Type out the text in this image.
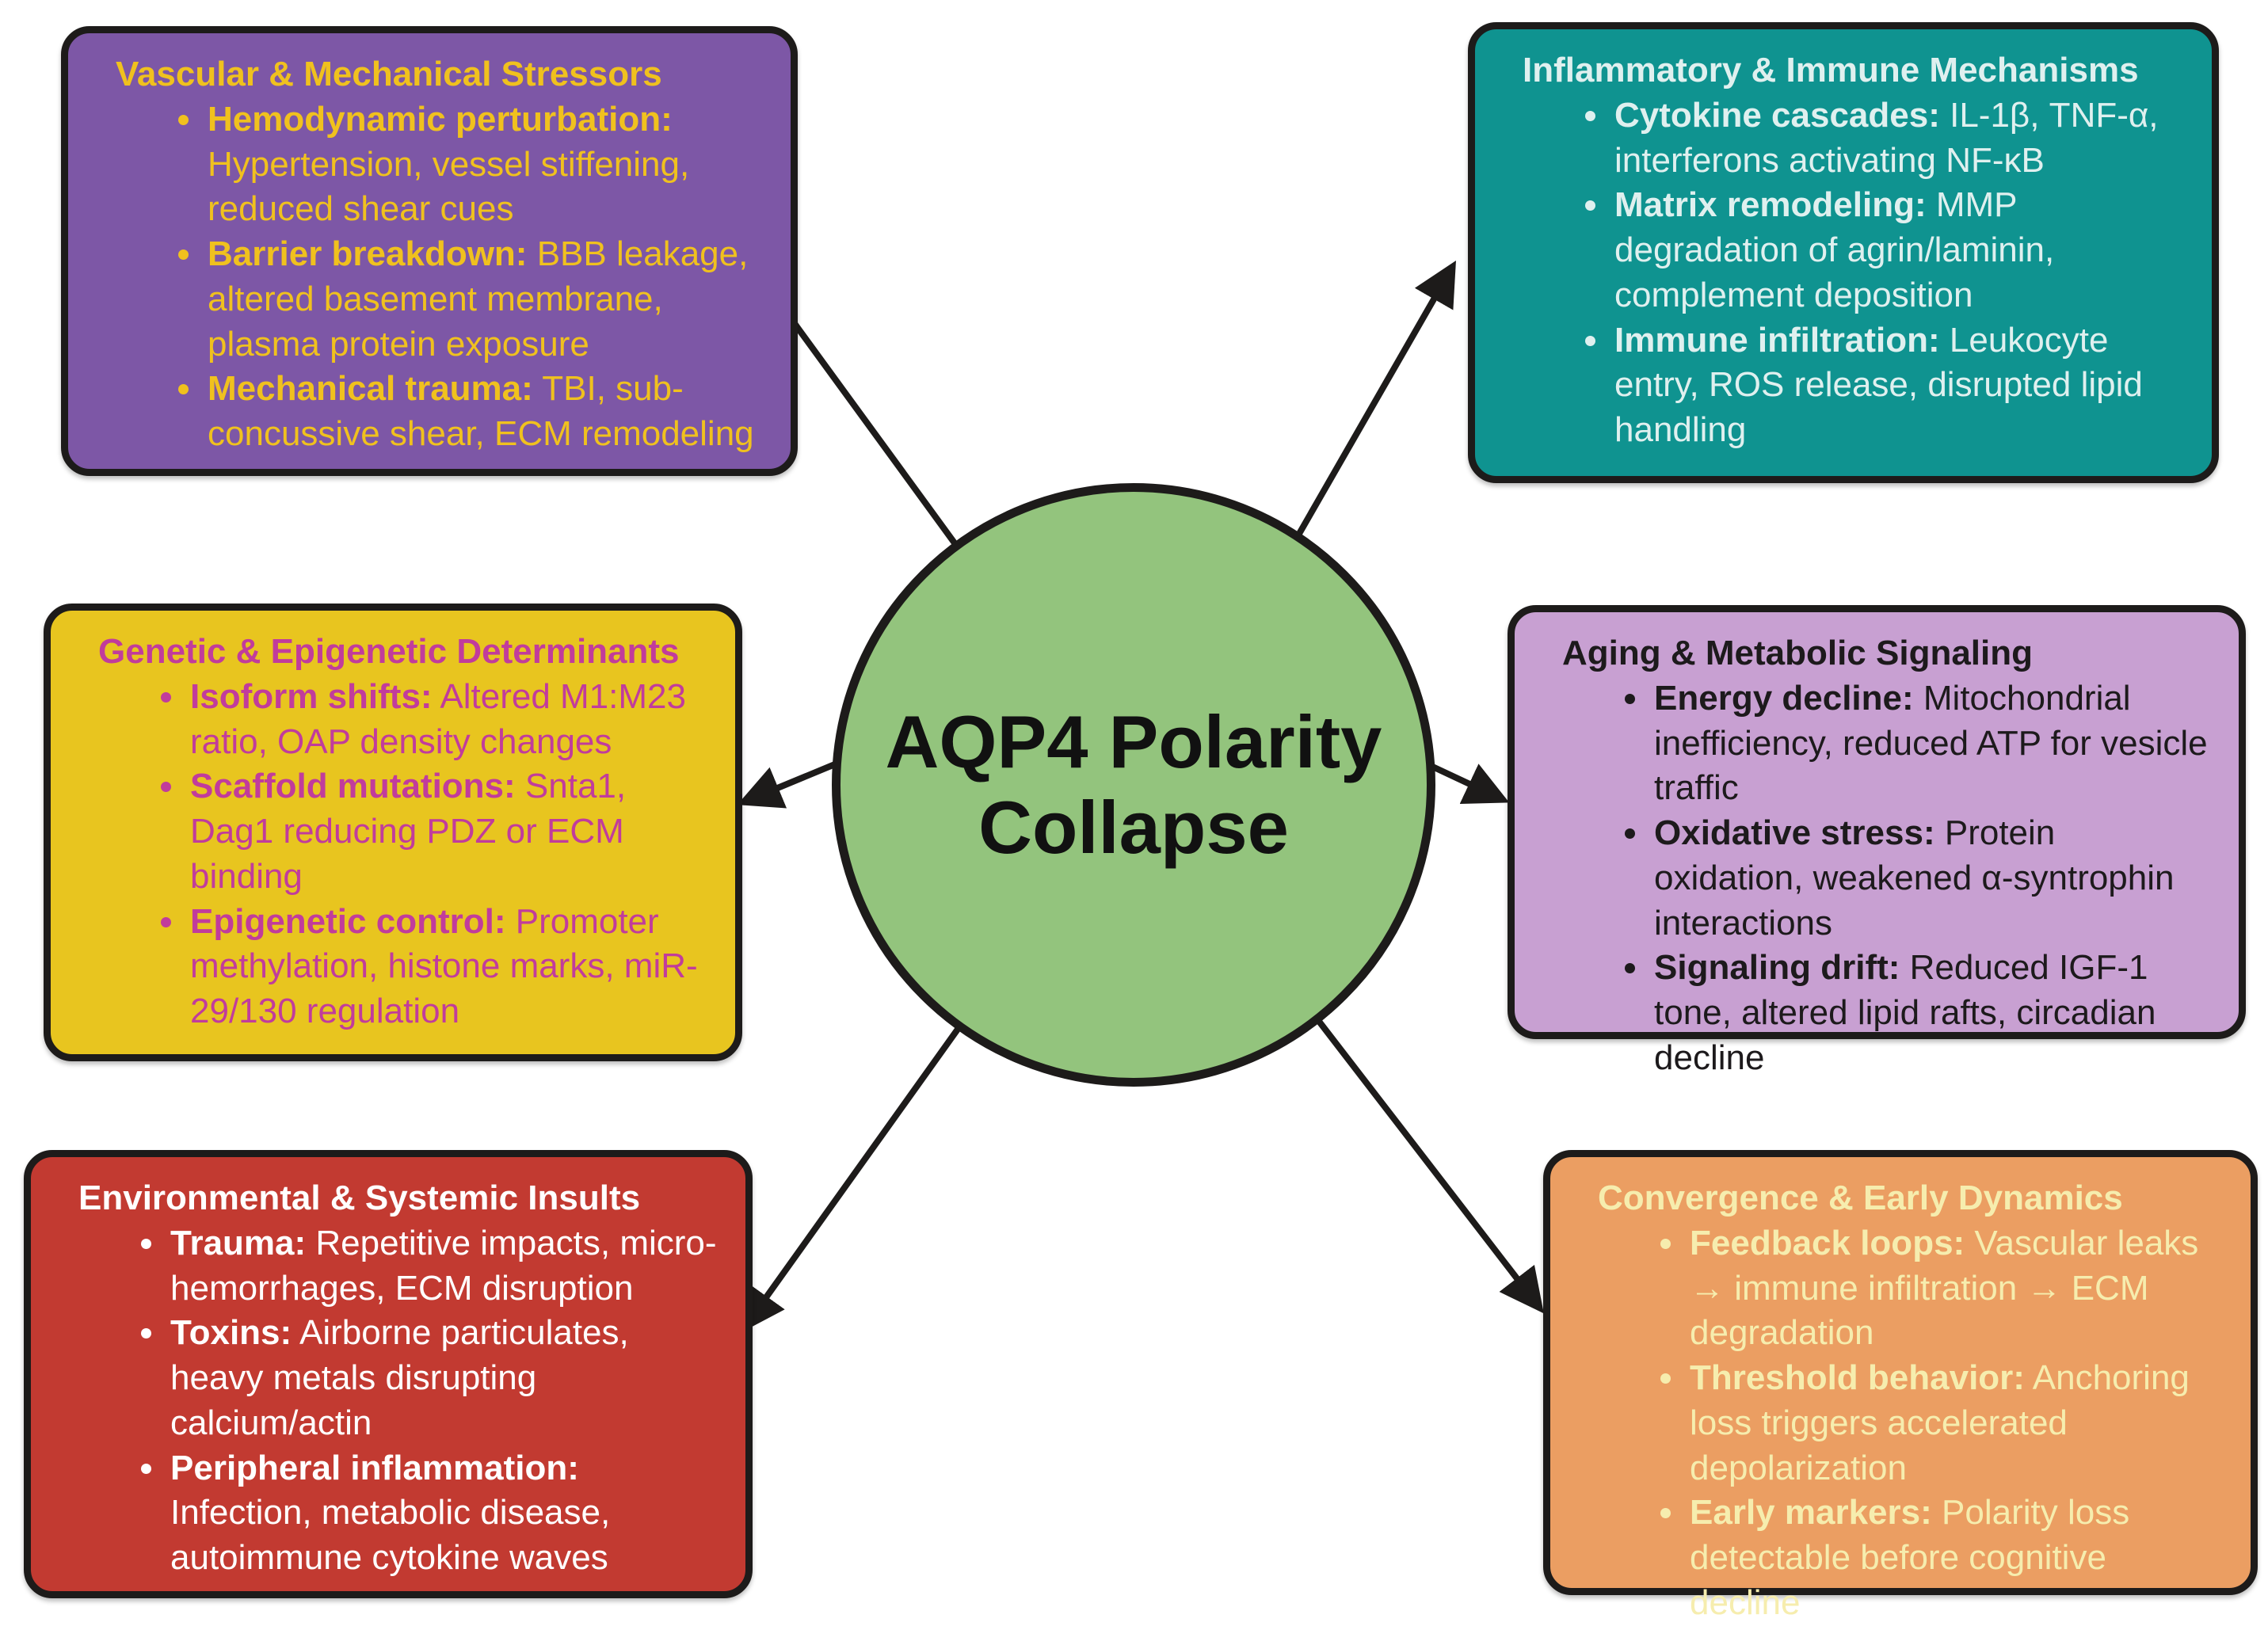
Vascular & Mechanical Stressors
• Hemodynamic perturbation: Hypertension, vessel stiffening, reduced shear cues
• Barrier breakdown: BBB leakage, altered basement membrane, plasma protein exposure
• Mechanical trauma: TBI, sub-concussive shear, ECM remodeling
Inflammatory & Immune Mechanisms
• Cytokine cascades: IL-1β, TNF-α, interferons activating NF-κB
• Matrix remodeling: MMP degradation of agrin/laminin, complement deposition
• Immune infiltration: Leukocyte entry, ROS release, disrupted lipid handling
Genetic & Epigenetic Determinants
• Isoform shifts: Altered M1:M23 ratio, OAP density changes
• Scaffold mutations: Snta1, Dag1 reducing PDZ or ECM binding
• Epigenetic control: Promoter methylation, histone marks, miR-29/130 regulation
Aging & Metabolic Signaling
• Energy decline: Mitochondrial inefficiency, reduced ATP for vesicle traffic
• Oxidative stress: Protein oxidation, weakened α-syntrophin interactions
• Signaling drift: Reduced IGF-1 tone, altered lipid rafts, circadian decline
Environmental & Systemic Insults
• Trauma: Repetitive impacts, micro-hemorrhages, ECM disruption
• Toxins: Airborne particulates, heavy metals disrupting calcium/actin
• Peripheral inflammation: Infection, metabolic disease, autoimmune cytokine waves
Convergence & Early Dynamics
• Feedback loops: Vascular leaks → immune infiltration → ECM degradation
• Threshold behavior: Anchoring loss triggers accelerated depolarization
• Early markers: Polarity loss detectable before cognitive decline
AQP4 Polarity Collapse
